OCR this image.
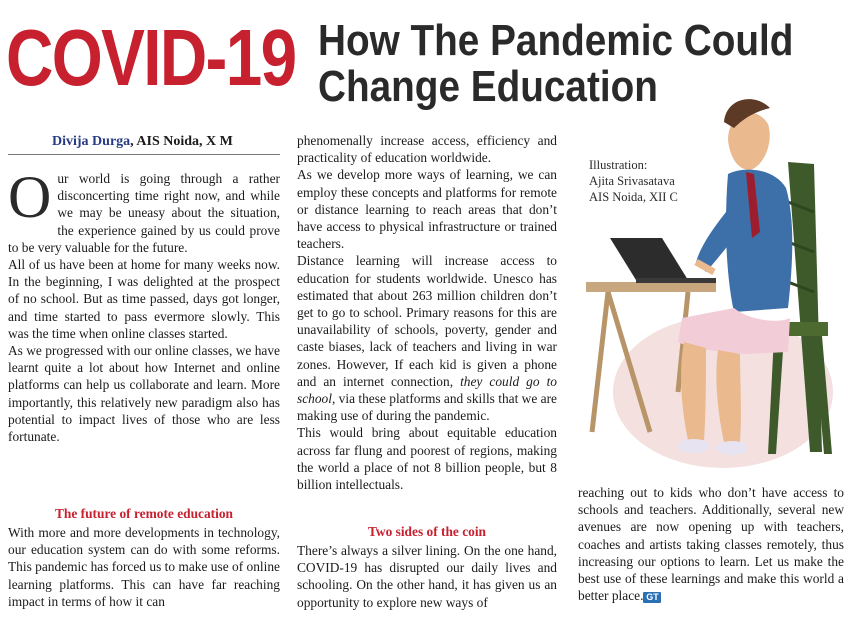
COVID-19 How The Pandemic Could
Change Education
Divija Durga, AIS Noida, X M

Our world is going through a rather disconcerting time right now, and while we may be uneasy about the situation, the experience gained by us could prove to be very valuable for the future.

All of us have been at home for many weeks now. In the beginning, I was delighted at the prospect of no school. But as time passed, days got longer, and time started to pass evermore slowly. This was the time when online classes started.

As we progressed with our online classes, we have learnt quite a lot about how Internet and online platforms can help us collaborate and learn. More importantly, this relatively new paradigm also has potential to impact lives of those who are less fortunate.

The future of remote education

With more and more developments in technology, our education system can do with some reforms. This pandemic has forced us to make use of online learning platforms. This can have far reaching impact in terms of how it can

phenomenally increase access, efficiency and practicality of education worldwide.

As we develop more ways of learning, we can employ these concepts and platforms for remote or distance learning to reach areas that don’t have access to physical infrastructure or trained teachers.

Distance learning will increase access to education for students worldwide. Unesco has estimated that about 263 million children don’t get to go to school. Primary reasons for this are unavailability of schools, poverty, gender and caste biases, lack of teachers and living in war zones. However, If each kid is given a phone and an internet connection, they could go to school, via these platforms and skills that we are making use of during the pandemic.

This would bring about equitable education across far flung and poorest of regions, making the world a place of not 8 billion people, but 8 billion intellectuals.

Two sides of the coin

There’s always a silver lining. On the one hand, COVID-19 has disrupted our daily lives and schooling. On the other hand, it has given us an opportunity to explore new ways of

reaching out to kids who don’t have access to schools and teachers. Additionally, several new avenues are now opening up with teachers, coaches and artists taking classes remotely, thus increasing our options to learn. Let us make the best use of these learnings and make this world a better place. GT

Illustration:
Ajita Srivasatava
AIS Noida, XII C
